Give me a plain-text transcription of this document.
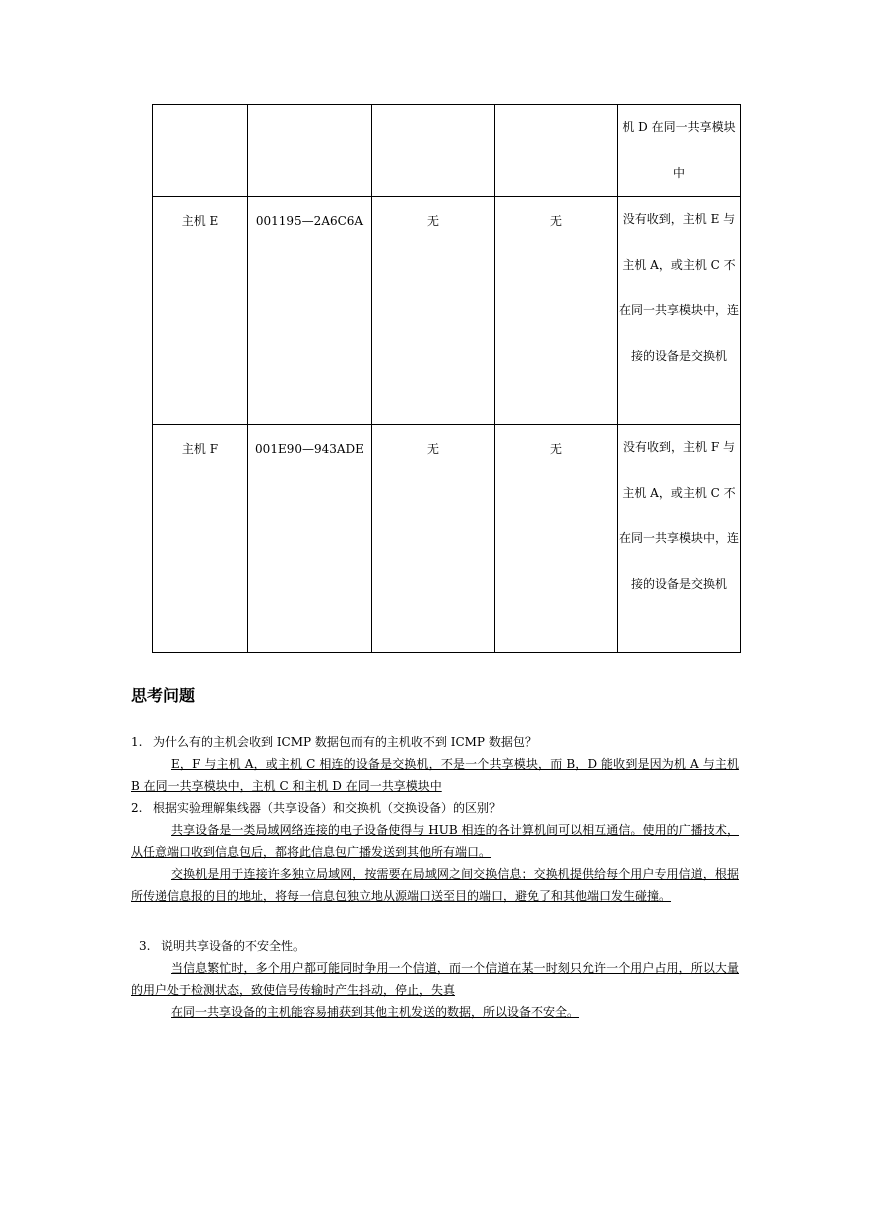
				机 D 在同一共享模块中

主机 E	001195—2A6C6A	无	无	没有收到，主机 E 与主机 A，或主机 C 不在同一共享模块中，连接的设备是交换机

主机 F	001E90—943ADE	无	无	没有收到，主机 F 与主机 A，或主机 C 不在同一共享模块中，连接的设备是交换机
思考问题

1. 为什么有的主机会收到 ICMP 数据包而有的主机收不到 ICMP 数据包？

E，F 与主机 A，或主机 C 相连的设备是交换机，不是一个共享模块，而 B，D 能收到是因为机 A 与主机 B 在同一共享模块中，主机 C 和主机 D 在同一共享模块中

2. 根据实验理解集线器（共享设备）和交换机（交换设备）的区别？

共享设备是一类局域网络连接的电子设备使得与 HUB 相连的各计算机间可以相互通信。使用的广播技术，从任意端口收到信息包后，都将此信息包广播发送到其他所有端口。

交换机是用于连接许多独立局域网，按需要在局域网之间交换信息；交换机提供给每个用户专用信道，根据所传递信息报的目的地址，将每一信息包独立地从源端口送至目的端口，避免了和其他端口发生碰撞。

3. 说明共享设备的不安全性。

当信息繁忙时，多个用户都可能同时争用一个信道，而一个信道在某一时刻只允许一个用户占用，所以大量的用户处于检测状态，致使信号传输时产生抖动，停止，失真

在同一共享设备的主机能容易捕获到其他主机发送的数据，所以设备不安全。
